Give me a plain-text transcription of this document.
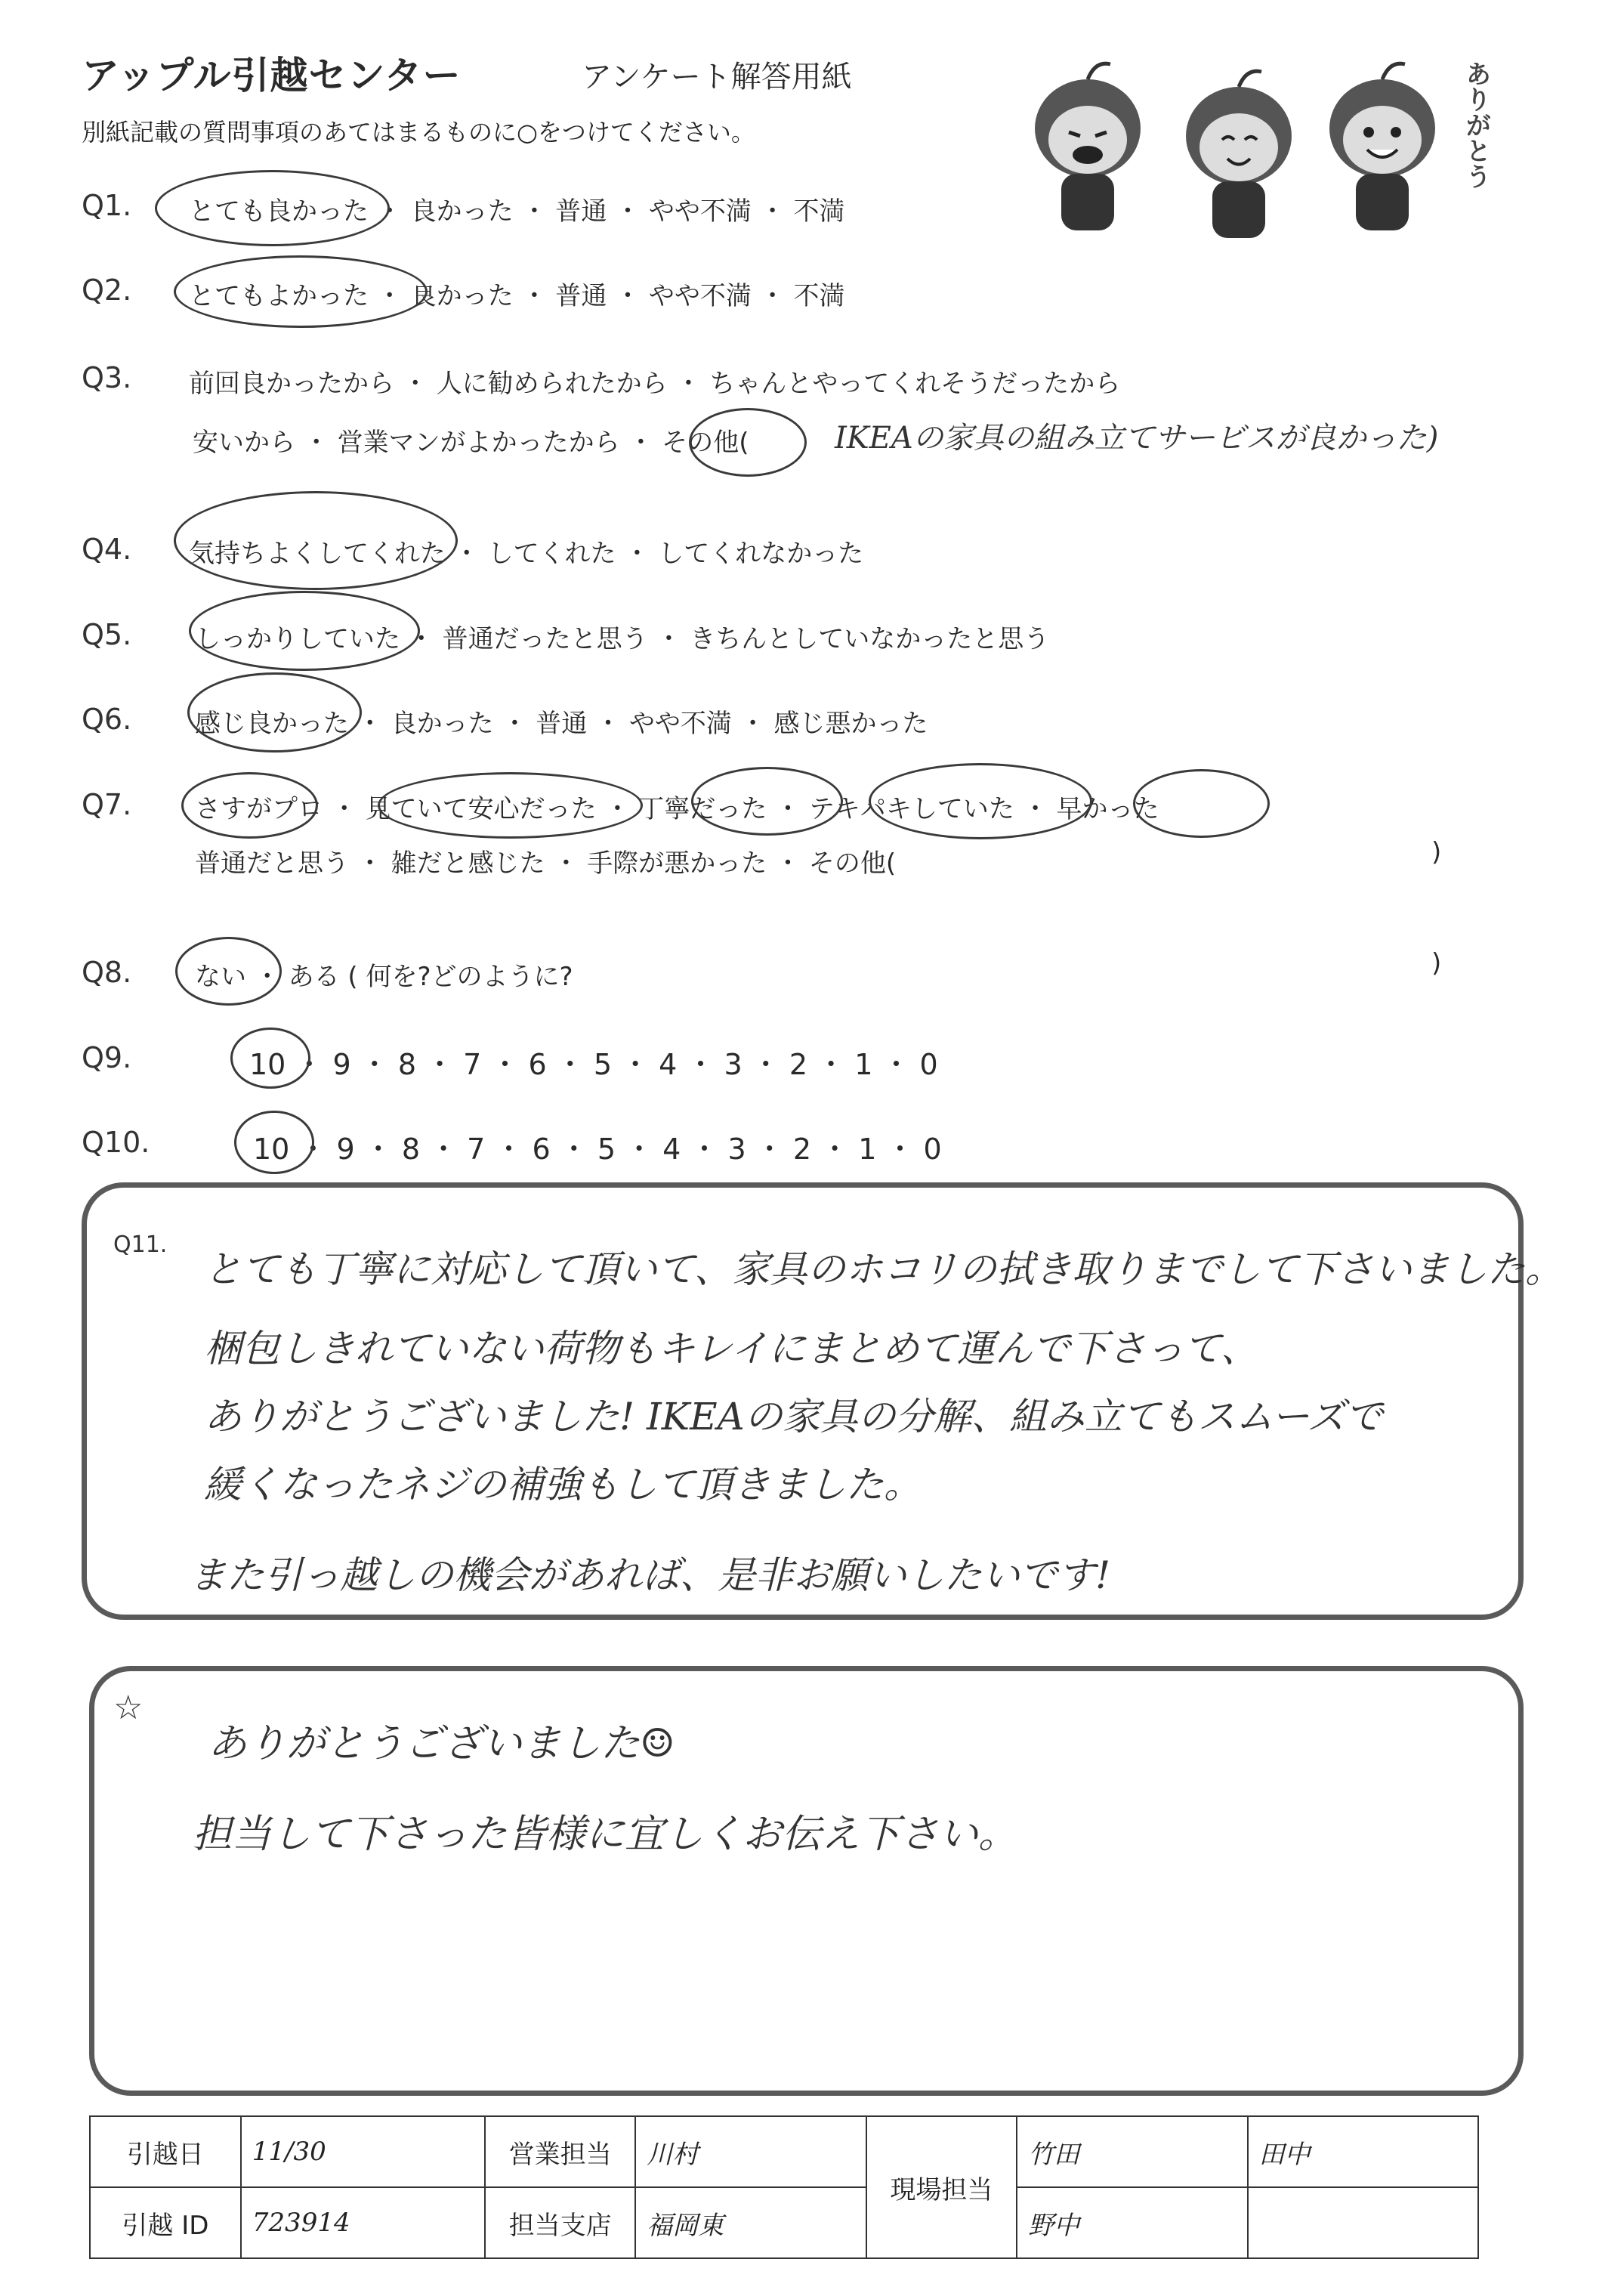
アップル引越センター	アンケート解答用紙
別紙記載の質問事項のあてはまるものに○をつけてください。	ありがとう
Q1. とても良かった ・ 良かった ・ 普通 ・ やや不満 ・ 不満
Q2. とてもよかった ・ 良かった ・ 普通 ・ やや不満 ・ 不満
Q3. 前回良かったから ・ 人に勧められたから ・ ちゃんとやってくれそうだったから
安いから ・ 営業マンがよかったから ・ その他(	IKEAの家具の組み立てサービスが良かった)
Q4. 気持ちよくしてくれた ・ してくれた ・ してくれなかった
Q5. しっかりしていた ・ 普通だったと思う ・ きちんとしていなかったと思う
Q6. 感じ良かった ・ 良かった ・ 普通 ・ やや不満 ・ 感じ悪かった
Q7. さすがプロ ・ 見ていて安心だった ・ 丁寧だった ・ テキパキしていた ・ 早かった
普通だと思う ・ 雑だと感じた ・ 手際が悪かった ・ その他(	)
Q8. ない ・ ある ( 何を?どのように?	)
Q9.	10 ・ 9 ・ 8 ・ 7 ・ 6 ・ 5 ・ 4 ・ 3 ・ 2 ・ 1 ・ 0
Q10.	10 ・ 9 ・ 8 ・ 7 ・ 6 ・ 5 ・ 4 ・ 3 ・ 2 ・ 1 ・ 0
Q11.
とても丁寧に対応して頂いて、家具のホコリの拭き取りまでして下さいました。
梱包しきれていない荷物もキレイにまとめて運んで下さって、
ありがとうございました! IKEAの家具の分解、組み立てもスムーズで
緩くなったネジの補強もして頂きました。
また引っ越しの機会があれば、是非お願いしたいです!
☆
ありがとうございました☺
担当して下さった皆様に宜しくお伝え下さい。
引越日	11/30	営業担当	川村	現場担当	竹田	田中
引越 ID	723914	担当支店	福岡東		野中	
